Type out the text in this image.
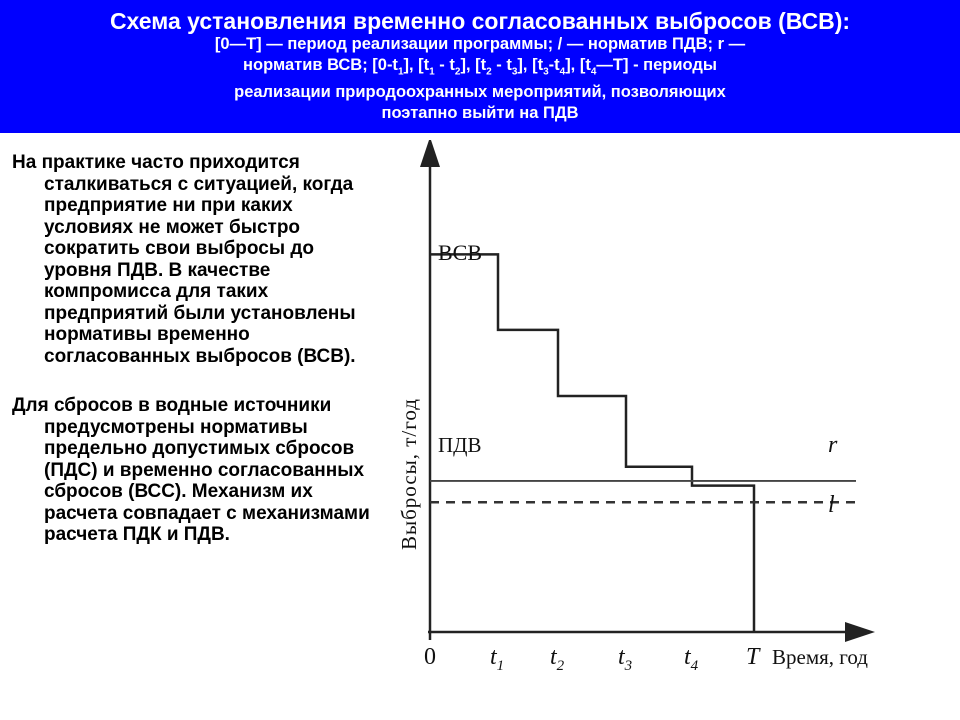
Схема установления временно согласованных выбросов (ВСВ):
[0—T] — период реализации программы; / — норматив ПДВ; r —
норматив ВСВ; $[0-t_1]$, $[t_1 - t_2]$, $[t_2 - t_3]$, $[t_3-t_4]$, $[t_4—T]$ - периоды
реализации природоохранных мероприятий, позволяющих
поэтапно выйти на ПДВ

На практике часто приходится сталкиваться с ситуацией, когда предприятие ни при каких условиях не может быстро сократить свои выбросы до уровня ПДВ. В качестве компромисса для таких предприятий были установлены нормативы временно согласованных выбросов (ВСВ).

Для сбросов в водные источники предусмотрены нормативы предельно допустимых сбросов (ПДС) и временно согласованных сбросов (ВСС). Механизм их расчета совпадает с механизмами расчета ПДК и ПДВ.

ВСВ
ПДВ	r
l
Выбросы, т/год
0	Время, год
$t_1$ $t_2$ $t_3$ $t_4$ T
